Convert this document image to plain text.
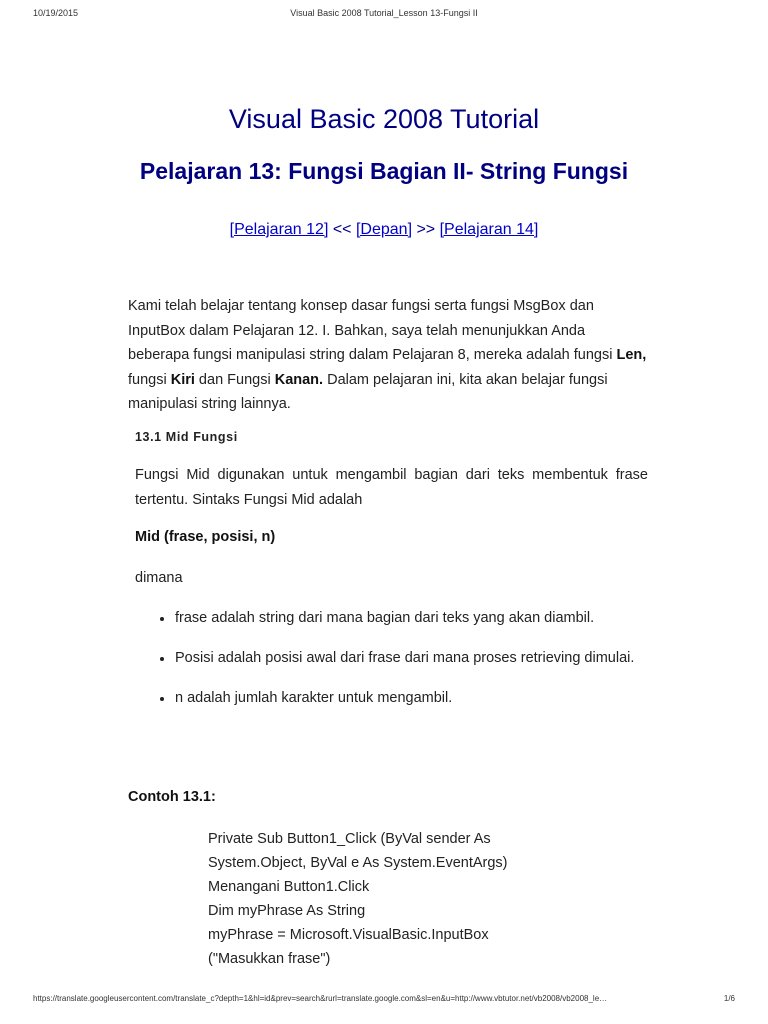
10/19/2015	Visual Basic 2008 Tutorial_Lesson 13-Fungsi II
Visual Basic 2008 Tutorial
Pelajaran 13: Fungsi Bagian II- String Fungsi
[Pelajaran 12] << [Depan] >> [Pelajaran 14]

Kami telah belajar tentang konsep dasar fungsi serta fungsi MsgBox dan InputBox dalam Pelajaran 12. I. Bahkan, saya telah menunjukkan Anda beberapa fungsi manipulasi string dalam Pelajaran 8, mereka adalah fungsi Len, fungsi Kiri dan Fungsi Kanan. Dalam pelajaran ini, kita akan belajar fungsi manipulasi string lainnya.

13.1 Mid Fungsi

Fungsi Mid digunakan untuk mengambil bagian dari teks membentuk frase tertentu. Sintaks Fungsi Mid adalah

Mid (frase, posisi, n)
dimana
frase adalah string dari mana bagian dari teks yang akan diambil.
Posisi adalah posisi awal dari frase dari mana proses retrieving dimulai.
n adalah jumlah karakter untuk mengambil.
Contoh 13.1:
Private Sub Button1_Click (ByVal sender As
System.Object, ByVal e As System.EventArgs)
Menangani Button1.Click
Dim myPhrase As String
myPhrase = Microsoft.VisualBasic.InputBox
("Masukkan frase")
https://translate.googleusercontent.com/translate_c?depth=1&hl=id&prev=search&rurl=translate.google.com&sl=en&u=http://www.vbtutor.net/vb2008/vb2008_le…	1/6
